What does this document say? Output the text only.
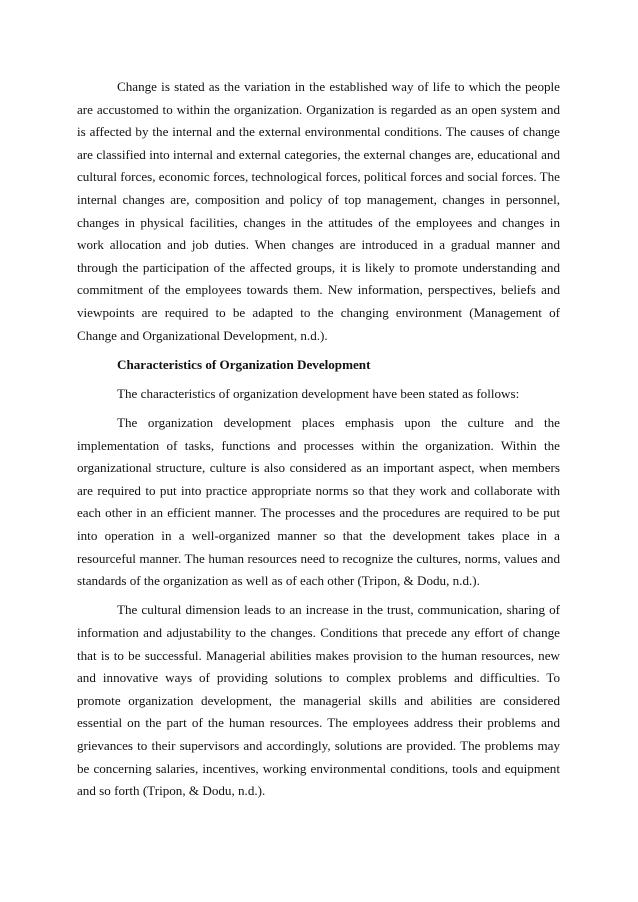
Change is stated as the variation in the established way of life to which the people are accustomed to within the organization. Organization is regarded as an open system and is affected by the internal and the external environmental conditions. The causes of change are classified into internal and external categories, the external changes are, educational and cultural forces, economic forces, technological forces, political forces and social forces. The internal changes are, composition and policy of top management, changes in personnel, changes in physical facilities, changes in the attitudes of the employees and changes in work allocation and job duties. When changes are introduced in a gradual manner and through the participation of the affected groups, it is likely to promote understanding and commitment of the employees towards them. New information, perspectives, beliefs and viewpoints are required to be adapted to the changing environment (Management of Change and Organizational Development, n.d.).

Characteristics of Organization Development

The characteristics of organization development have been stated as follows:

The organization development places emphasis upon the culture and the implementation of tasks, functions and processes within the organization. Within the organizational structure, culture is also considered as an important aspect, when members are required to put into practice appropriate norms so that they work and collaborate with each other in an efficient manner. The processes and the procedures are required to be put into operation in a well-organized manner so that the development takes place in a resourceful manner. The human resources need to recognize the cultures, norms, values and standards of the organization as well as of each other (Tripon, & Dodu, n.d.).

The cultural dimension leads to an increase in the trust, communication, sharing of information and adjustability to the changes. Conditions that precede any effort of change that is to be successful. Managerial abilities makes provision to the human resources, new and innovative ways of providing solutions to complex problems and difficulties. To promote organization development, the managerial skills and abilities are considered essential on the part of the human resources. The employees address their problems and grievances to their supervisors and accordingly, solutions are provided. The problems may be concerning salaries, incentives, working environmental conditions, tools and equipment and so forth (Tripon, & Dodu, n.d.).
